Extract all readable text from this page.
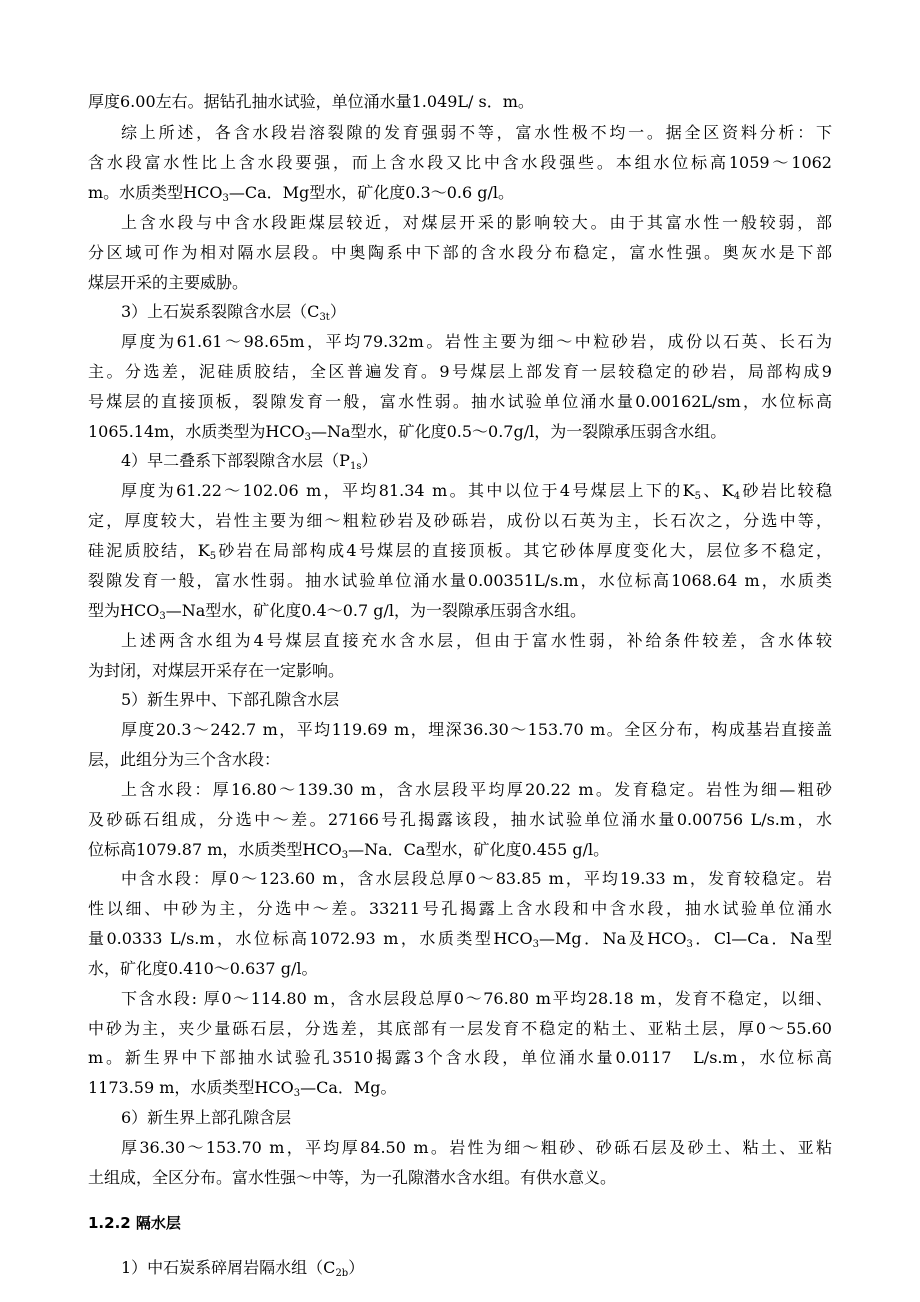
厚度6.00左右。据钻孔抽水试验，单位涌水量1.049L/ s．m。
综上所述，各含水段岩溶裂隙的发育强弱不等，富水性极不均一。据全区资料分析：下
含水段富水性比上含水段要强，而上含水段又比中含水段强些。本组水位标高1059～1062
m。水质类型$HCO_3—Ca$．Mg型水，矿化度0.3～0.6 g/l。
上含水段与中含水段距煤层较近，对煤层开采的影响较大。由于其富水性一般较弱，部
分区域可作为相对隔水层段。中奥陶系中下部的含水段分布稳定，富水性强。奥灰水是下部
煤层开采的主要威胁。
3）上石炭系裂隙含水层$(C_{3t})$
厚度为61.61～98.65m，平均79.32m。岩性主要为细～中粒砂岩，成份以石英、长石为
主。分选差，泥硅质胶结，全区普遍发育。9号煤层上部发育一层较稳定的砂岩，局部构成9
号煤层的直接顶板，裂隙发育一般，富水性弱。抽水试验单位涌水量0.00162L/sm，水位标高
1065.14m，水质类型为$HCO_3—Na$型水，矿化度0.5～0.7g/l，为一裂隙承压弱含水组。
4）早二叠系下部裂隙含水层$(P_{1s})$
厚度为61.22～102.06 m，平均81.34 m。其中以位于4号煤层上下的$K_5$、$K_4$砂岩比较稳
定，厚度较大，岩性主要为细～粗粒砂岩及砂砾岩，成份以石英为主，长石次之，分选中等，
硅泥质胶结，$K_5$砂岩在局部构成4号煤层的直接顶板。其它砂体厚度变化大，层位多不稳定，
裂隙发育一般，富水性弱。抽水试验单位涌水量0.00351L/s.m，水位标高1068.64 m，水质类
型为$HCO_3—Na$型水，矿化度0.4～0.7 g/l，为一裂隙承压弱含水组。
上述两含水组为4号煤层直接充水含水层，但由于富水性弱，补给条件较差，含水体较
为封闭，对煤层开采存在一定影响。
5）新生界中、下部孔隙含水层
厚度20.3～242.7 m，平均119.69 m，埋深36.30～153.70 m。全区分布，构成基岩直接盖
层，此组分为三个含水段：
上含水段：厚16.80～139.30 m，含水层段平均厚20.22 m。发育稳定。岩性为细—粗砂
及砂砾石组成，分选中～差。27166号孔揭露该段，抽水试验单位涌水量0.00756 L/s.m，水
位标高1079.87 m，水质类型$HCO_3—Na$．Ca型水，矿化度0.455 g/l。
中含水段：厚0～123.60 m，含水层段总厚0～83.85 m，平均19.33 m，发育较稳定。岩
性以细、中砂为主，分选中～差。33211号孔揭露上含水段和中含水段，抽水试验单位涌水
量0.0333 L/s.m，水位标高1072.93 m，水质类型$HCO_3—Mg$．Na及$HCO_3$．Cl—Ca．Na型
水，矿化度0.410～0.637 g/l。
下含水段: 厚0～114.80 m，含水层段总厚0～76.80 m平均28.18 m，发育不稳定，以细、
中砂为主，夹少量砾石层，分选差，其底部有一层发育不稳定的粘土、亚粘土层，厚0～55.60
m。新生界中下部抽水试验孔3510揭露3个含水段，单位涌水量0.0117　L/s.m，水位标高
1173.59 m，水质类型$HCO_3—Ca$．Mg。
6）新生界上部孔隙含层
厚36.30～153.70 m，平均厚84.50 m。岩性为细～粗砂、砂砾石层及砂土、粘土、亚粘
土组成，全区分布。富水性强～中等，为一孔隙潜水含水组。有供水意义。
1.2.2 隔水层
1）中石炭系碎屑岩隔水组$(C_{2b})$
